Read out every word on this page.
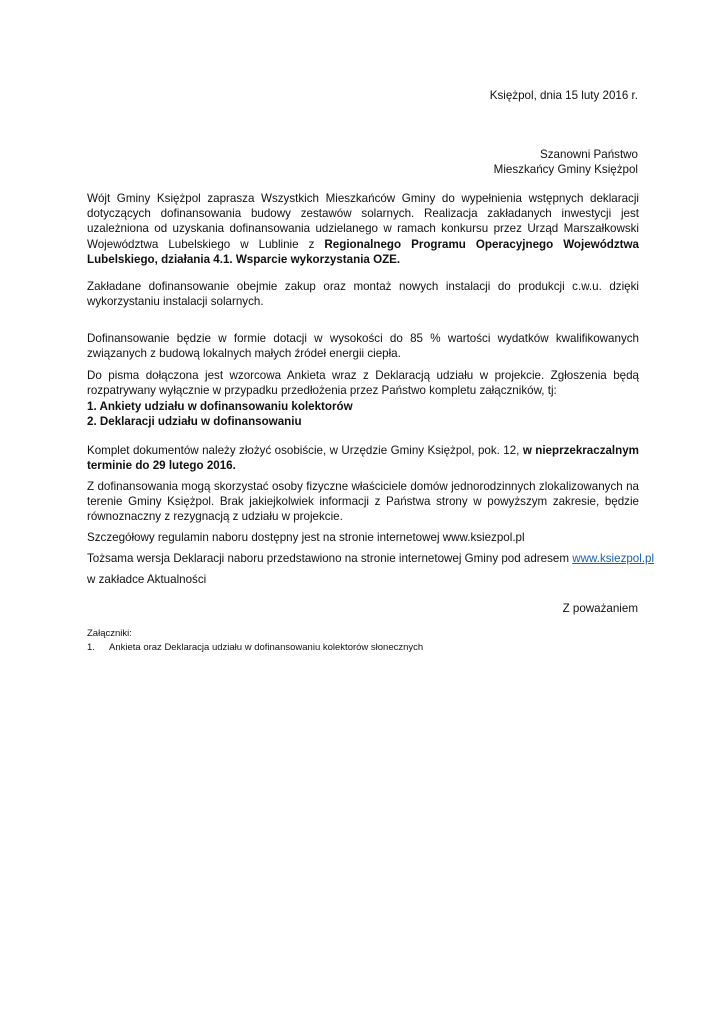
Księżpol, dnia 15 luty 2016 r.
Szanowni Państwo
Mieszkańcy Gminy Księżpol

Wójt Gminy Księżpol zaprasza Wszystkich Mieszkańców Gminy do wypełnienia wstępnych deklaracji dotyczących dofinansowania budowy zestawów solarnych. Realizacja zakładanych inwestycji jest uzależniona od uzyskania dofinansowania udzielanego w ramach konkursu przez Urząd Marszałkowski Województwa Lubelskiego w Lublinie z Regionalnego Programu Operacyjnego Województwa Lubelskiego, działania 4.1. Wsparcie wykorzystania OZE.

Zakładane dofinansowanie obejmie zakup oraz montaż nowych instalacji do produkcji c.w.u. dzięki wykorzystaniu instalacji solarnych.

Dofinansowanie będzie w formie dotacji w wysokości do 85 % wartości wydatków kwalifikowanych związanych z budową lokalnych małych źródeł energii ciepła.

Do pisma dołączona jest wzorcowa Ankieta wraz z Deklaracją udziału w projekcie. Zgłoszenia będą rozpatrywany wyłącznie w przypadku przedłożenia przez Państwo kompletu załączników, tj:

1. Ankiety udziału w dofinansowaniu kolektorów
2. Deklaracji udziału w dofinansowaniu

Komplet dokumentów należy złożyć osobiście, w Urzędzie Gminy Księżpol, pok. 12, w nieprzekraczalnym terminie do 29 lutego 2016.

Z dofinansowania mogą skorzystać osoby fizyczne właściciele domów jednorodzinnych zlokalizowanych na terenie Gminy Księżpol. Brak jakiejkolwiek informacji z Państwa strony w powyższym zakresie, będzie równoznaczny z rezygnacją z udziału w projekcie.

Szczegółowy regulamin naboru dostępny jest na stronie internetowej www.ksiezpol.pl
Tożsama wersja Deklaracji naboru przedstawiono na stronie internetowej Gminy pod adresem www.ksiezpol.pl
w zakładce Aktualności
Z poważaniem
Załączniki:
1.	Ankieta oraz Deklaracja udziału w dofinansowaniu kolektorów słonecznych
